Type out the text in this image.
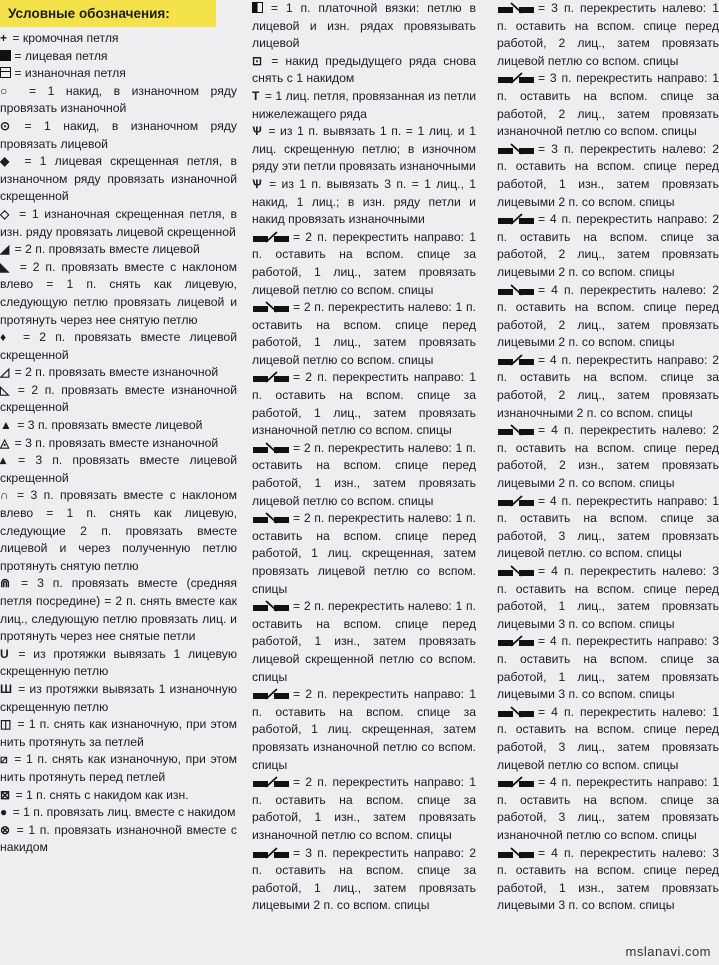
Условные обозначения:
+ = кромочная петля
= лицевая петля
= изнаночная петля
○ = 1 накид, в изнаночном ряду провязать изнаночной
⊙ = 1 накид, в изнаночном ряду провязать лицевой
◆ = 1 лицевая скрещенная петля, в изнаночном ряду провязать изнаночной скрещенной
◇ = 1 изнаночная скрещенная петля, в изн. ряду провязать лицевой скрещенной
◢ = 2 п. провязать вместе лицевой
◣ = 2 п. провязать вместе с наклоном влево = 1 п. снять как лицевую, следующую петлю провязать лицевой и протянуть через нее снятую петлю
♦ = 2 п. провязать вместе лицевой скрещенной
◿ = 2 п. провязать вместе изнаночной
◺ = 2 п. провязать вместе изнаночной скрещенной
▲ = 3 п. провязать вместе лицевой
◬ = 3 п. провязать вместе изнаночной
▴ = 3 п. провязать вместе лицевой скрещенной
∩ = 3 п. провязать вместе с наклоном влево = 1 п. снять как лицевую, следующие 2 п. провязать вместе лицевой и через полученную петлю протянуть снятую петлю
⋒ = 3 п. провязать вместе (средняя петля посредине) = 2 п. снять вместе как лиц., следующую петлю провязать лиц. и протянуть через нее снятые петли
U = из протяжки вывязать 1 лицевую скрещенную петлю
Ш = из протяжки вывязать 1 изнаночную скрещенную петлю
◫ = 1 п. снять как изнаночную, при этом нить протянуть за петлей
⧄ = 1 п. снять как изнаночную, при этом нить протянуть перед петлей
⊠ = 1 п. снять с накидом как изн.
● = 1 п. провязать лиц. вместе с накидом
⊗ = 1 п. провязать изнаночной вместе с накидом
= 1 п. платочной вязки: петлю в лицевой и изн. рядах провязывать лицевой
⊡ = накид предыдущего ряда снова снять с 1 накидом
T = 1 лиц. петля, провязанная из петли нижележащего ряда
Ѱ = из 1 п. вывязать 1 п. = 1 лиц. и 1 лиц. скрещенную петлю; в изночном ряду эти петли провязать изнаночными
Ѱ = из 1 п. вывязать 3 п. = 1 лиц., 1 накид, 1 лиц.; в изн. ряду петли и накид провязать изнаночными
= 2 п. перекрестить направо: 1 п. оставить на вспом. спице за работой, 1 лиц., затем провязать лицевой петлю со вспом. спицы
= 2 п. перекрестить налево: 1 п. оставить на вспом. спице перед работой, 1 лиц., затем провязать лицевой петлю со вспом. спицы
= 2 п. перекрестить направо: 1 п. оставить на вспом. спице за работой, 1 лиц., затем провязать изнаночной петлю со вспом. спицы
= 2 п. перекрестить налево: 1 п. оставить на вспом. спице перед работой, 1 изн., затем провязать лицевой петлю со вспом. спицы
= 2 п. перекрестить налево: 1 п. оставить на вспом. спице перед работой, 1 лиц. скрещенная, затем провязать лицевой петлю со вспом. спицы
= 2 п. перекрестить налево: 1 п. оставить на вспом. спице перед работой, 1 изн., затем провязать лицевой скрещенной петлю со вспом. спицы
= 2 п. перекрестить направо: 1 п. оставить на вспом. спице за работой, 1 лиц. скрещенная, затем провязать изнаночной петлю со вспом. спицы
= 2 п. перекрестить направо: 1 п. оставить на вспом. спице за работой, 1 изн., затем провязать изнаночной петлю со вспом. спицы
= 3 п. перекрестить направо: 2 п. оставить на вспом. спице за работой, 1 лиц., затем провязать лицевыми 2 п. со вспом. спицы
= 3 п. перекрестить налево: 1 п. оставить на вспом. спице перед работой, 2 лиц., затем провязать лицевой петлю со вспом. спицы
= 3 п. перекрестить направо: 1 п. оставить на вспом. спице за работой, 2 лиц., затем провязать изнаночной петлю со вспом. спицы
= 3 п. перекрестить налево: 2 п. оставить на вспом. спице перед работой, 1 изн., затем провязать лицевыми 2 п. со вспом. спицы
= 4 п. перекрестить направо: 2 п. оставить на вспом. спице за работой, 2 лиц., затем провязать лицевыми 2 п. со вспом. спицы
= 4 п. перекрестить налево: 2 п. оставить на вспом. спице перед работой, 2 лиц., затем провязать лицевыми 2 п. со вспом. спицы
= 4 п. перекрестить направо: 2 п. оставить на вспом. спице за работой, 2 лиц., затем провязать изнаночными 2 п. со вспом. спицы
= 4 п. перекрестить налево: 2 п. оставить на вспом. спице перед работой, 2 изн., затем провязать лицевыми 2 п. со вспом. спицы
= 4 п. перекрестить направо: 1 п. оставить на вспом. спице за работой, 3 лиц., затем провязать лицевой петлю. со вспом. спицы
= 4 п. перекрестить налево: 3 п. оставить на вспом. спице перед работой, 1 лиц., затем провязать лицевыми 3 п. со вспом. спицы
= 4 п. перекрестить направо: 3 п. оставить на вспом. спице за работой, 1 лиц., затем провязать лицевыми 3 п. со вспом. спицы
= 4 п. перекрестить налево: 1 п. оставить на вспом. спице перед работой, 3 лиц., затем провязать лицевой петлю со вспом. спицы
= 4 п. перекрестить направо: 1 п. оставить на вспом. спице за работой, 3 лиц., затем провязать изнаночной петлю со вспом. спицы
= 4 п. перекрестить налево: 3 п. оставить на вспом. спице перед работой, 1 изн., затем провязать лицевыми 3 п. со вспом. спицы
mslanavi.com
